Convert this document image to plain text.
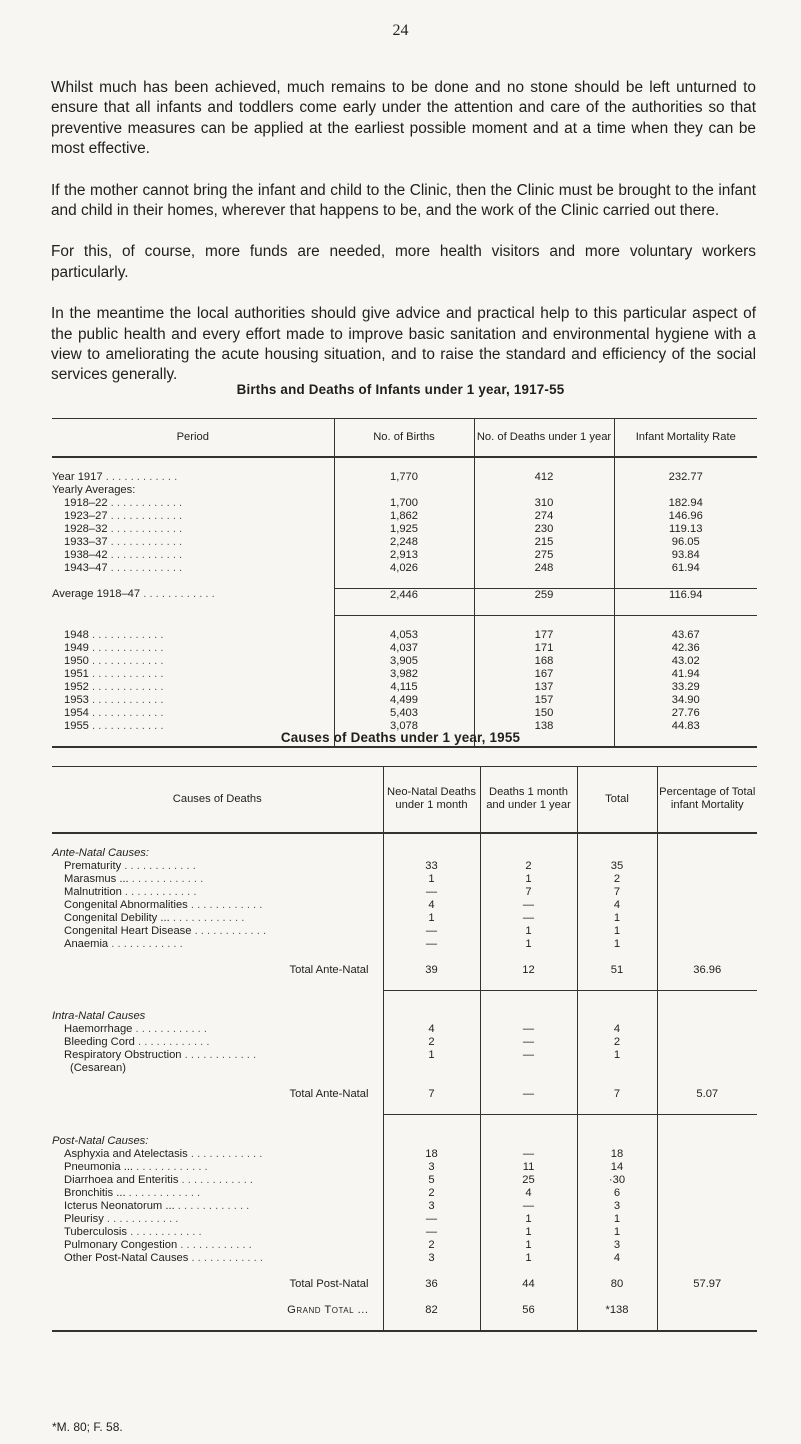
24

Whilst much has been achieved, much remains to be done and no stone should be left unturned to ensure that all infants and toddlers come early under the attention and care of the authorities so that preventive measures can be applied at the earliest possible moment and at a time when they can be most effective.

If the mother cannot bring the infant and child to the Clinic, then the Clinic must be brought to the infant and child in their homes, wherever that happens to be, and the work of the Clinic carried out there.

For this, of course, more funds are needed, more health visitors and more voluntary workers particularly.

In the meantime the local authorities should give advice and practical help to this particular aspect of the public health and every effort made to improve basic sanitation and environmental hygiene with a view to ameliorating the acute housing situation, and to raise the standard and efficiency of the social services generally.

Births and Deaths of Infants under 1 year, 1917-55
Period	No. of Births	No. of Deaths under 1 year	Infant Mortality Rate

Year 1917 . . .	1,770	412	232.77
Yearly Averages:			
1918–22 . . .	1,700	310	182.94
1923–27 . . .	1,862	274	146.96
1928–32 . . .	1,925	230	119.13
1933–37 . . .	2,248	215	96.05
1938–42 . . .	2,913	275	93.84
1943–47 . . .	4,026	248	61.94

Average 1918–47 . . .	2,446	259	116.94

1948 . . .	4,053	177	43.67
1949 . . .	4,037	171	42.36
1950 . . .	3,905	168	43.02
1951 . . .	3,982	167	41.94
1952 . . .	4,115	137	33.29
1953 . . .	4,499	157	34.90
1954 . . .	5,403	150	27.76
1955 . . .	3,078	138	44.83

Causes of Deaths under 1 year, 1955
Causes of Deaths	Neo-Natal Deaths under 1 month	Deaths 1 month and under 1 year	Total	Percentage of Total infant Mortality

Ante-Natal Causes:				
Prematurity . . .	33	2	35	
Marasmus ... . . .	1	1	2	
Malnutrition . . .	—	7	7	
Congenital Abnormalities . . .	4	—	4	
Congenital Debility ... . . .	1	—	1	
Congenital Heart Disease . . .	—	1	1	
Anaemia . . .	—	1	1	

Total Ante-Natal	39	12	51	36.96

Intra-Natal Causes				
Haemorrhage . . .	4	—	4	
Bleeding Cord . . .	2	—	2	
Respiratory Obstruction . . .	1	—	1	
(Cesarean)				

Total Ante-Natal	7	—	7	5.07

Post-Natal Causes:				
Asphyxia and Atelectasis . . .	18	—	18	
Pneumonia ... . . .	3	11	14	
Diarrhoea and Enteritis . . .	5	25	·30	
Bronchitis ... . . .	2	4	6	
Icterus Neonatorum ... . . .	3	—	3	
Pleurisy . . .	—	1	1	
Tuberculosis . . .	—	1	1	
Pulmonary Congestion . . .	2	1	3	
Other Post-Natal Causes . . .	3	1	4	

Total Post-Natal	36	44	80	57.97

Grand Total ...	82	56	*138	

*M. 80; F. 58.
